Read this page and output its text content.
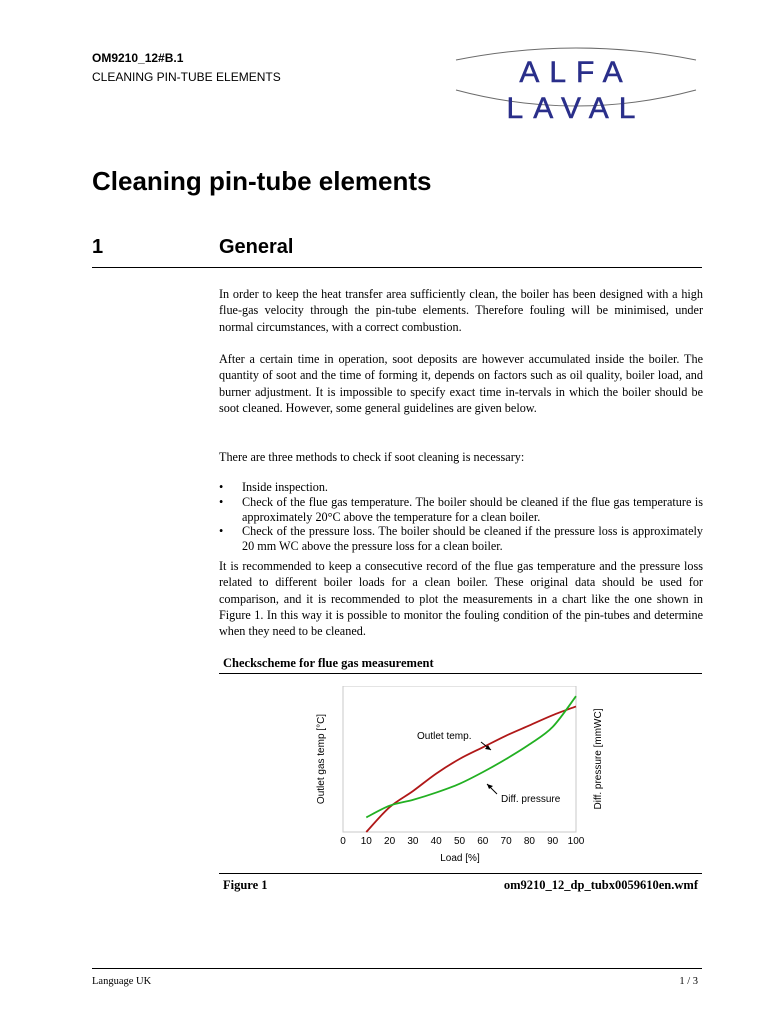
OM9210_12#B.1
CLEANING PIN-TUBE ELEMENTS	ALFA
LAVAL
Cleaning pin-tube elements
1	General

In order to keep the heat transfer area sufficiently clean, the boiler has been designed with a high flue-gas velocity through the pin-tube elements. Therefore fouling will be minimised, under normal circumstances, with a correct combustion.

After a certain time in operation, soot deposits are however accumulated inside the boiler. The quantity of soot and the time of forming it, depends on factors such as oil quality, boiler load, and burner adjustment. It is impossible to specify exact time in-tervals in which the boiler should be soot cleaned. However, some general guidelines are given below.

There are three methods to check if soot cleaning is necessary:

• Inside inspection.
• Check of the flue gas temperature. The boiler should be cleaned if the flue gas temperature is approximately 20°C above the temperature for a clean boiler.
• Check of the pressure loss. The boiler should be cleaned if the pressure loss is approximately 20 mm WC above the pressure loss for a clean boiler.

It is recommended to keep a consecutive record of the flue gas temperature and the pressure loss related to different boiler loads for a clean boiler. These original data should be used for comparison, and it is recommended to plot the measurements in a chart like the one shown in Figure 1. In this way it is possible to monitor the fouling condition of the pin-tubes and determine when they need to be cleaned.

Checkscheme for flue gas measurement
0 10 20 30 40 50 60 70 80 90 100
Load [%]
Outlet gas temp [°C]	Diff. pressure [mmWC]
Outlet temp.
Diff. pressure
Figure 1	om9210_12_dp_tubx0059610en.wmf
Language UK	1 / 3
